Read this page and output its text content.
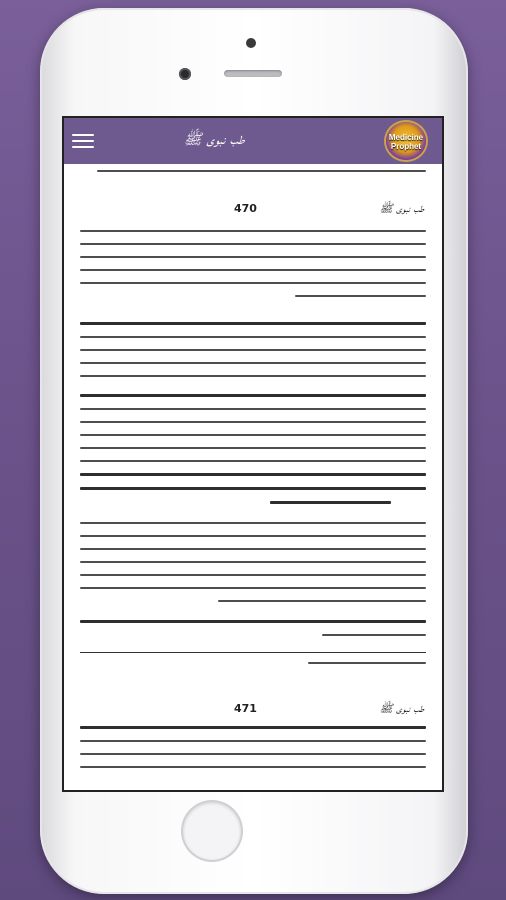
طب نبوی ﷺ	Medicine Prophet
470	طب نبوی ﷺ
471	طب نبوی ﷺ
